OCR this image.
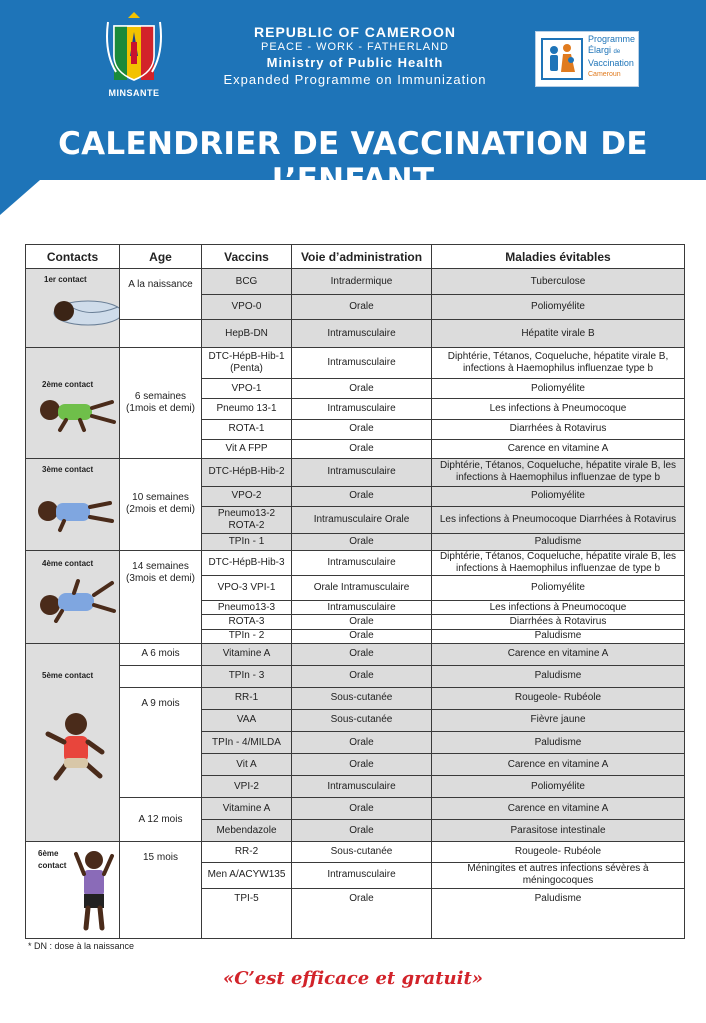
MINSANTE
REPUBLIC OF CAMEROON
PEACE - WORK - FATHERLAND
Ministry of Public Health
Expanded Programme on Immunization
Programme
Élargi de
Vaccination
Cameroun
CALENDRIER DE VACCINATION DE L’ENFANT
Contacts	Age	Vaccins	Voie d’administration	Maladies évitables

1er contact	A la naissance	BCG	Intradermique	Tuberculose
		VPO-0	Orale	Poliomyélite
		HepB-DN	Intramusculaire	Hépatite virale B

2ème contact	6 semaines (1mois et demi)	DTC-HépB-Hib-1 (Penta)	Intramusculaire	Diphtérie, Tétanos, Coqueluche, hépatite virale B, infections à Haemophilus influenzae type b
		VPO-1	Orale	Poliomyélite
		Pneumo 13-1	Intramusculaire	Les infections à Pneumocoque
		ROTA-1	Orale	Diarrhées à Rotavirus
		Vit A FPP	Orale	Carence en vitamine A

3ème contact	10 semaines (2mois et demi)	DTC-HépB-Hib-2	Intramusculaire	Diphtérie, Tétanos, Coqueluche, hépatite virale B, les infections à Haemophilus influenzae de type b
		VPO-2	Orale	Poliomyélite
		Pneumo13-2 ROTA-2	Intramusculaire Orale	Les infections à Pneumocoque Diarrhées à Rotavirus
		TPIn - 1	Orale	Paludisme

4ème contact	14 semaines (3mois et demi)	DTC-HépB-Hib-3	Intramusculaire	Diphtérie, Tétanos, Coqueluche, hépatite virale B, les infections à Haemophilus influenzae de type b
		VPO-3 VPI-1	Orale Intramusculaire	Poliomyélite
		Pneumo13-3	Intramusculaire	Les infections à Pneumocoque
		ROTA-3	Orale	Diarrhées à Rotavirus
		TPIn - 2	Orale	Paludisme

5ème contact	A 6 mois	Vitamine A	Orale	Carence en vitamine A
		TPIn - 3	Orale	Paludisme
	A 9 mois	RR-1	Sous-cutanée	Rougeole- Rubéole
		VAA	Sous-cutanée	Fièvre jaune
		TPIn - 4/MILDA	Orale	Paludisme
		Vit A	Orale	Carence en vitamine A
		VPI-2	Intramusculaire	Poliomyélite
	A 12 mois	Vitamine A	Orale	Carence en vitamine A
		Mebendazole	Orale	Parasitose intestinale

6ème contact	15 mois	RR-2	Sous-cutanée	Rougeole- Rubéole
		Men A/ACYW135	Intramusculaire	Méningites et autres infections sévères à méningocoques
		TPI-5	Orale	Paludisme
* DN : dose à la naissance
«C’est efficace et gratuit»
